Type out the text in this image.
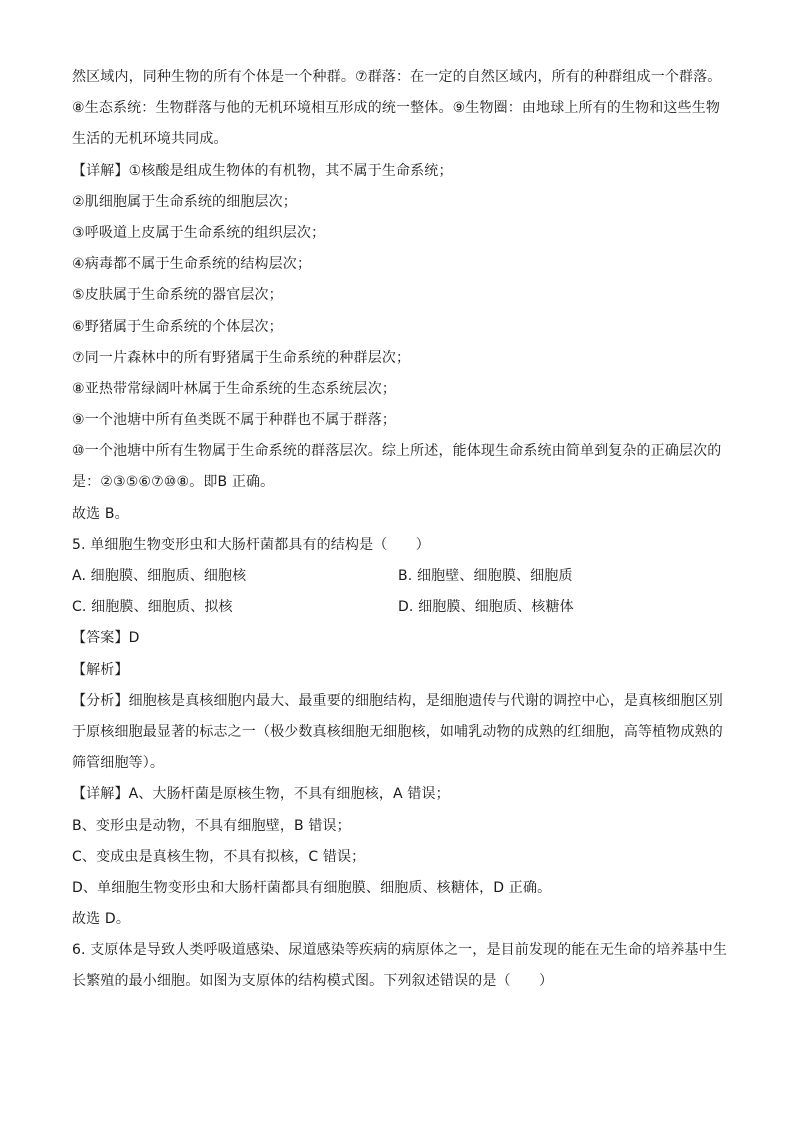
然区域内，同种生物的所有个体是一个种群。⑦群落：在一定的自然区域内，所有的种群组成一个群落。
⑧生态系统：生物群落与他的无机环境相互形成的统一整体。⑨生物圈：由地球上所有的生物和这些生物
生活的无机环境共同成。
【详解】①核酸是组成生物体的有机物，其不属于生命系统；
②肌细胞属于生命系统的细胞层次；
③呼吸道上皮属于生命系统的组织层次；
④病毒都不属于生命系统的结构层次；
⑤皮肤属于生命系统的器官层次；
⑥野猪属于生命系统的个体层次；
⑦同一片森林中的所有野猪属于生命系统的种群层次；
⑧亚热带常绿阔叶林属于生命系统的生态系统层次；
⑨一个池塘中所有鱼类既不属于种群也不属于群落；
⑩一个池塘中所有生物属于生命系统的群落层次。综上所述，能体现生命系统由简单到复杂的正确层次的
是：②③⑤⑥⑦⑩⑧。即B 正确。
故选 B。
5. 单细胞生物变形虫和大肠杆菌都具有的结构是（　　）
A. 细胞膜、细胞质、细胞核	B. 细胞壁、细胞膜、细胞质
C. 细胞膜、细胞质、拟核	D. 细胞膜、细胞质、核糖体
【答案】D
【解析】
【分析】细胞核是真核细胞内最大、最重要的细胞结构，是细胞遗传与代谢的调控中心，是真核细胞区别
于原核细胞最显著的标志之一（极少数真核细胞无细胞核，如哺乳动物的成熟的红细胞，高等植物成熟的
筛管细胞等）。
【详解】A、大肠杆菌是原核生物，不具有细胞核，A 错误；
B、变形虫是动物，不具有细胞壁，B 错误；
C、变成虫是真核生物，不具有拟核，C 错误；
D、单细胞生物变形虫和大肠杆菌都具有细胞膜、细胞质、核糖体，D 正确。
故选 D。
6. 支原体是导致人类呼吸道感染、尿道感染等疾病的病原体之一，是目前发现的能在无生命的培养基中生
长繁殖的最小细胞。如图为支原体的结构模式图。下列叙述错误的是（　　）
